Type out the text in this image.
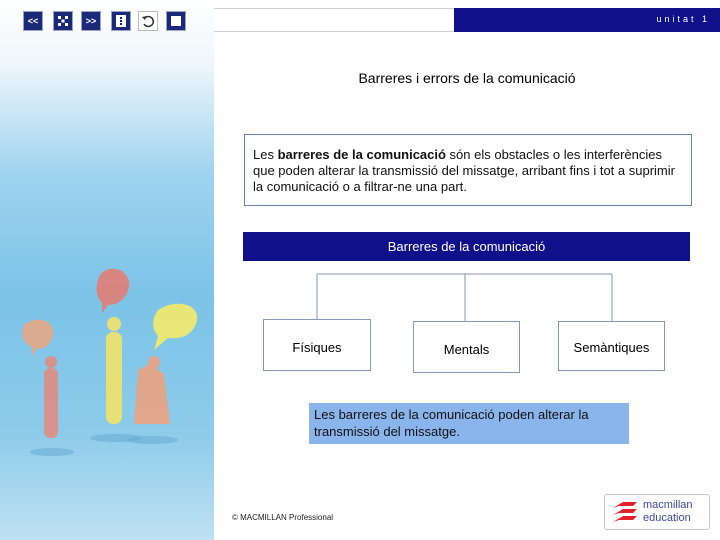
unitat 1
<<	>>
Barreres i errors de la comunicació
Les barreres de la comunicació són els obstacles o les interferències que poden alterar la transmissió del missatge, arribant fins i tot a suprimir la comunicació o a filtrar-ne una part.
Barreres de la comunicació
Físiques	Mentals	Semàntiques
Les barreres de la comunicació poden alterar la transmissió del missatge.
© MACMILLAN Professional
macmillan
education
